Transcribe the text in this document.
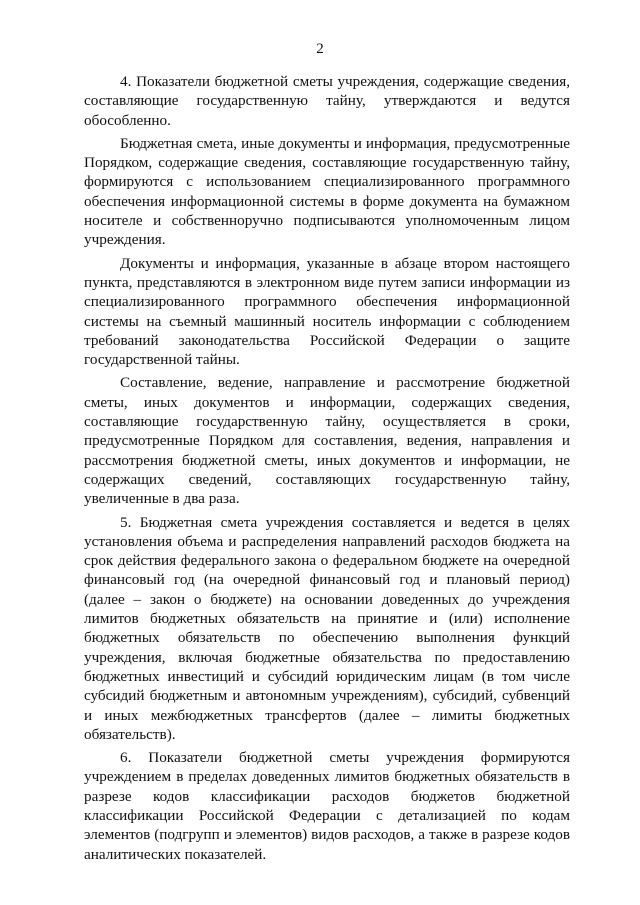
2

4. Показатели бюджетной сметы учреждения, содержащие сведения, составляющие государственную тайну, утверждаются и ведутся обособленно.

Бюджетная смета, иные документы и информация, предусмотренные Порядком, содержащие сведения, составляющие государственную тайну, формируются с использованием специализированного программного обеспечения информационной системы в форме документа на бумажном носителе и собственноручно подписываются уполномоченным лицом учреждения.

Документы и информация, указанные в абзаце втором настоящего пункта, представляются в электронном виде путем записи информации из специализированного программного обеспечения информационной системы на съемный машинный носитель информации с соблюдением требований законодательства Российской Федерации о защите государственной тайны.

Составление, ведение, направление и рассмотрение бюджетной сметы, иных документов и информации, содержащих сведения, составляющие государственную тайну, осуществляется в сроки, предусмотренные Порядком для составления, ведения, направления и рассмотрения бюджетной сметы, иных документов и информации, не содержащих сведений, составляющих государственную тайну, увеличенные в два раза.

5. Бюджетная смета учреждения составляется и ведется в целях установления объема и распределения направлений расходов бюджета на срок действия федерального закона о федеральном бюджете на очередной финансовый год (на очередной финансовый год и плановый период) (далее – закон о бюджете) на основании доведенных до учреждения лимитов бюджетных обязательств на принятие и (или) исполнение бюджетных обязательств по обеспечению выполнения функций учреждения, включая бюджетные обязательства по предоставлению бюджетных инвестиций и субсидий юридическим лицам (в том числе субсидий бюджетным и автономным учреждениям), субсидий, субвенций и иных межбюджетных трансфертов (далее – лимиты бюджетных обязательств).

6. Показатели бюджетной сметы учреждения формируются учреждением в пределах доведенных лимитов бюджетных обязательств в разрезе кодов классификации расходов бюджетов бюджетной классификации Российской Федерации с детализацией по кодам элементов (подгрупп и элементов) видов расходов, а также в разрезе кодов аналитических показателей.
